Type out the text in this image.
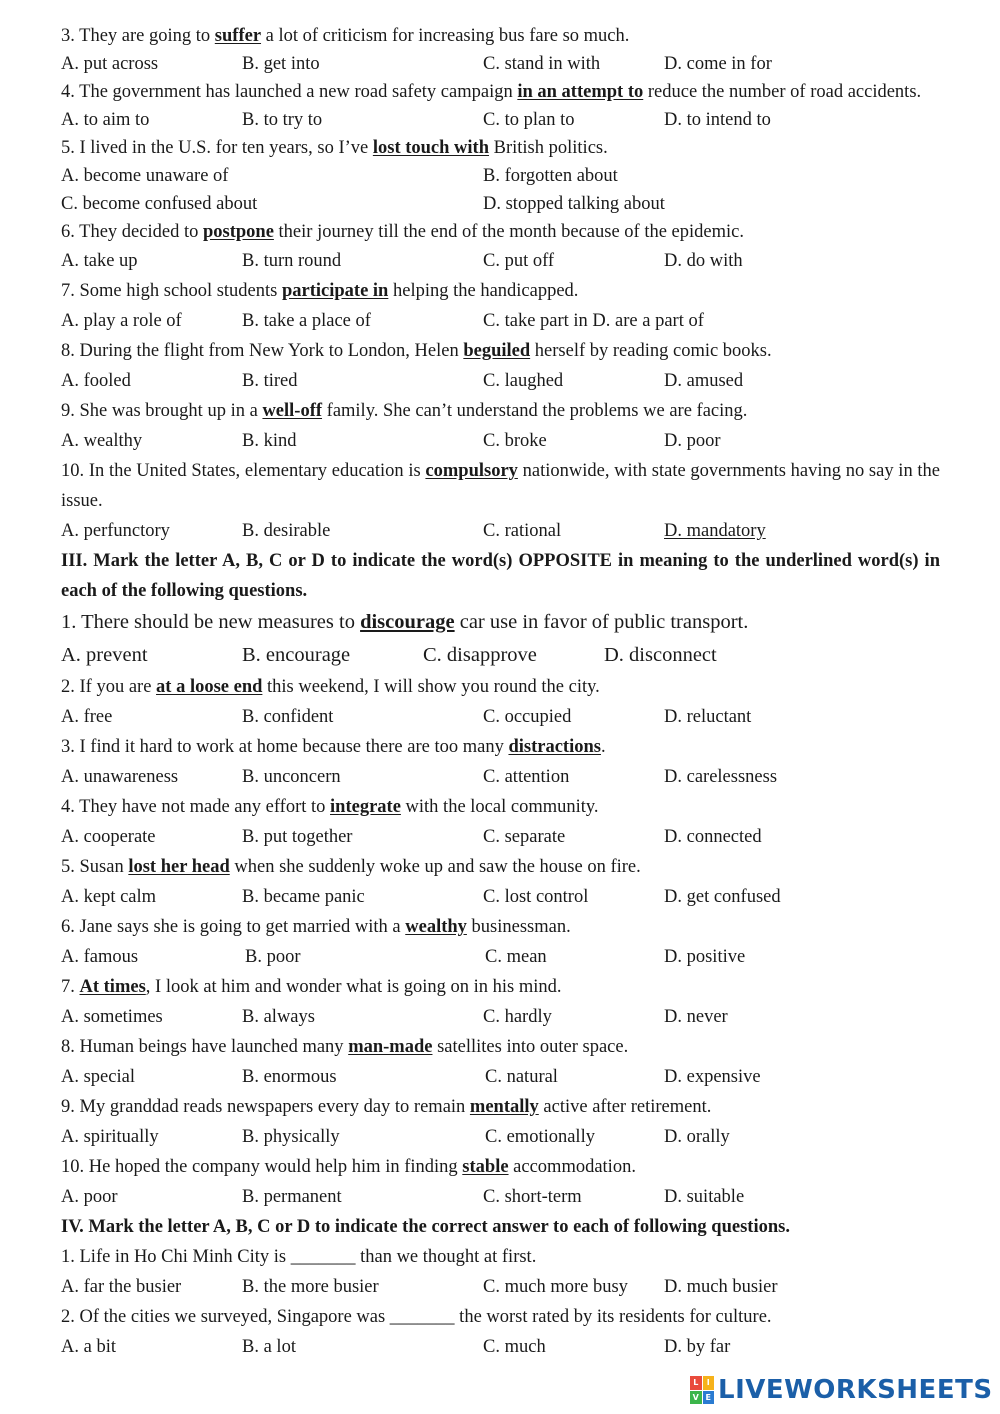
3. They are going to suffer a lot of criticism for increasing bus fare so much.
A. put across	B. get into	C. stand in with	D. come in for
4. The government has launched a new road safety campaign in an attempt to reduce the number of road accidents.
A. to aim to	B. to try to	C. to plan to	D. to intend to
5. I lived in the U.S. for ten years, so I’ve lost touch with British politics.
A. become unaware of	B. forgotten about
C. become confused about	D. stopped talking about
6. They decided to postpone their journey till the end of the month because of the epidemic.
A. take up	B. turn round	C. put off	D. do with
7. Some high school students participate in helping the handicapped.
A. play a role of	B. take a place of	C. take part in D. are a part of
8. During the flight from New York to London, Helen beguiled herself by reading comic books.
A. fooled	B. tired	C. laughed	D. amused
9. She was brought up in a well-off family. She can’t understand the problems we are facing.
A. wealthy	B. kind	C. broke	D. poor
10. In the United States, elementary education is compulsory nationwide, with state governments having no say in the issue.
A. perfunctory	B. desirable	C. rational	D. mandatory
III. Mark the letter A, B, C or D to indicate the word(s) OPPOSITE in meaning to the underlined word(s) in each of the following questions.
1. There should be new measures to discourage car use in favor of public transport.
A. prevent	B. encourage	C. disapprove	D. disconnect
2. If you are at a loose end this weekend, I will show you round the city.
A. free	B. confident	C. occupied	D. reluctant
3. I find it hard to work at home because there are too many distractions.
A. unawareness	B. unconcern	C. attention	D. carelessness
4. They have not made any effort to integrate with the local community.
A. cooperate	B. put together	C. separate	D. connected
5. Susan lost her head when she suddenly woke up and saw the house on fire.
A. kept calm	B. became panic	C. lost control	D. get confused
6. Jane says she is going to get married with a wealthy businessman.
A. famous	B. poor	C. mean	D. positive
7. At times, I look at him and wonder what is going on in his mind.
A. sometimes	B. always	C. hardly	D. never
8. Human beings have launched many man-made satellites into outer space.
A. special	B. enormous	C. natural	D. expensive
9. My granddad reads newspapers every day to remain mentally active after retirement.
A. spiritually	B. physically	C. emotionally	D. orally
10. He hoped the company would help him in finding stable accommodation.
A. poor	B. permanent	C. short-term	D. suitable
IV. Mark the letter A, B, C or D to indicate the correct answer to each of following questions.
1. Life in Ho Chi Minh City is _______ than we thought at first.
A. far the busier	B. the more busier	C. much more busy D. much busier
2. Of the cities we surveyed, Singapore was _______ the worst rated by its residents for culture.
A. a bit	B. a lot	C. much	D. by far
L	I
V E LIVEWORKSHEETS
